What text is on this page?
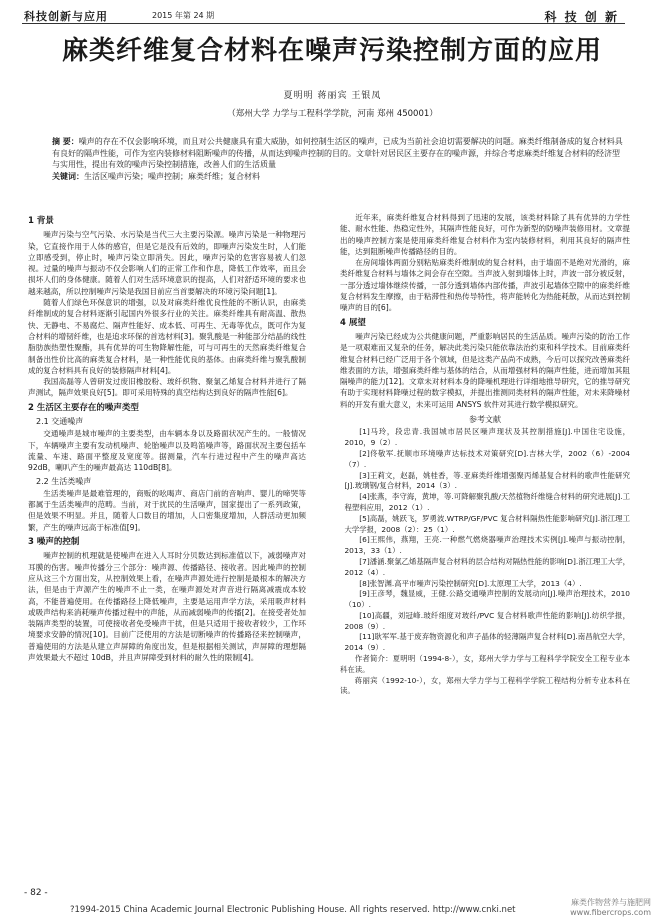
科技创新与应用	2015 年第 24 期	科 技 创 新
麻类纤维复合材料在噪声污染控制方面的应用
夏明明 蒋丽宾 王银凤
（郑州大学 力学与工程科学学院，河南 郑州 450001）
摘 要：噪声的存在不仅会影响环境，而且对公共健康具有重大威胁，如何控制生活区的噪声，已成为当前社会迫切需要解决的问题。麻类纤维制备成的复合材料具有良好的隔声性能，可作为室内装修材料阻断噪声的传播，从而达到噪声控制的目的。文章针对居民区主要存在的噪声源，并综合考虑麻类纤维复合材料的经济型与实用性，提出有效的噪声污染控制措施，改善人们的生活质量
关键词：生活区噪声污染；噪声控制；麻类纤维；复合材料
1 背景

噪声污染与空气污染、水污染是当代三大主要污染源。噪声污染是一种物理污染，它直接作用于人体的感官，但是它是没有后效的，即噪声污染发生时，人们能立即感受到，停止时，噪声污染立即消失。因此，噪声污染的危害容易被人们忽视。过量的噪声与振动不仅会影响人们的正常工作和作息，降低工作效率，而且会损坏人们的身体健康。随着人们对生活环境意识的提高，人们对舒适环境的要求也越来越高，所以控制噪声污染是我国目前应当首要解决的环境污染问题[1]。

随着人们绿色环保意识的增强，以及对麻类纤维优良性能的不断认识，由麻类纤维制成的复合材料逐渐引起国内外很多行业的关注。麻类纤维具有耐高温、散热快、无静电、不易腐烂、隔声性能好、成本低、可再生、无毒等优点，既可作为复合材料的增韧纤维，也是追求环保的首选材料[3]。聚乳酸是一种能部分结晶的线性脂肪族热塑性聚酯，具有优异的可生物降解性能，可与可再生的天然麻类纤维复合制备出性价比高的麻类复合材料，是一种性能优良的基体。由麻类纤维与聚乳酸制成的复合材料具有良好的装修隔声材料[4]。

我国高磊等人曾研发过废旧橡胶粉、玻纤织物、聚氯乙烯复合材料并进行了隔声测试，隔声效果良好[5]。即可采用特殊的真空结构达到良好的隔声性能[6]。

2 生活区主要存在的噪声类型
2.1 交通噪声

交通噪声是城市噪声的主要类型，由车辆本身以及路面状况产生的。一般情况下，车辆噪声主要有发动机噪声、轮胎噪声以及鸣笛噪声等，路面状况主要包括车流量、车速、路面平整度及宽度等。据测量，汽车行进过程中产生的噪声高达 92dB，喇叭产生的噪声最高达 110dB[8]。

2.2 生活类噪声

生活类噪声是最难管理的，商贩的吆喝声、商店门前的音响声、婴儿的啼哭等都属于生活类噪声的范畴。当前，对于扰民的生活噪声，国家提出了一系列政策，但是效果不明显。并且，随着人口数目的增加，人口密集度增加，人群活动更加频繁，产生的噪声远高于标准值[9]。

3 噪声的控制

噪声控制的机理就是使噪声在进入人耳时分贝数达到标准值以下，减弱噪声对耳膜的伤害。噪声传播分三个部分：噪声源、传播路径、接收者。因此噪声的控制应从这三个方面出发，从控制效果上看，在噪声声源处进行控制是最根本的解决方法，但是由于声源产生的噪声不止一类，在噪声源处对声音进行隔离减震成本较高，不能普遍使用。在传播路径上降低噪声，主要是运用声学方法，采用吸声材料或吸声结构来消耗噪声传播过程中的声能，从而减弱噪声的传播[2]。在接受者处加装隔声类型的装置，可使接收者免受噪声干扰，但是只适用于接收者较少，工作环境要求安静的情况[10]。目前广泛使用的方法是切断噪声的传播路径来控制噪声，普遍使用的方法是从建立声屏障的角度出发，但是根据相关测试，声屏障的理想隔声效果最大不超过 10dB，并且声屏障受到材料的耐久性的限制[4]。

近年来，麻类纤维复合材料得到了迅速的发展，该类材料除了具有优异的力学性能、耐水性能、热稳定性外，其隔声性能良好，可作为新型的防噪声装修用材。文章提出的噪声控制方案是使用麻类纤维复合材料作为室内装修材料，利用其良好的隔声性能，达到阻断噪声传播路径的目的。

在房间墙体两面分别粘贴麻类纤维制成的复合材料，由于墙面不是绝对光滑的，麻类纤维复合材料与墙体之间会存在空隙。当声波入射到墙体上时，声波一部分被反射，一部分透过墙体继续传播，一部分透到墙体内部传播，声波引起墙体空隙中的麻类纤维复合材料发生摩擦，由于粘滞性和热传导特性，将声能转化为热能耗散，从而达到控制噪声的目的[6]。

4 展望

噪声污染已经成为公共健康问题，严重影响居民的生活品质。噪声污染的防治工作是一项艰难而又复杂的任务，解决此类污染只能依靠法治约束和科学技术。目前麻类纤维复合材料已经广泛用于各个领域，但是这类产品尚不成熟，今后可以探究改善麻类纤维表面的方法，增强麻类纤维与基体的结合，从而增强材料的隔声性能，进而增加其阻隔噪声的能力[12]。文章未对材料本身的降噪机理进行详细地推导研究，它的推导研究有助于实现材料降噪过程的数字模拟，并提出推测同类材料的隔声性能，对未来降噪材料的开发有重大意义，未来可运用 ANSYS 软件对其进行数学模拟研究。

参考文献

[1]马玲，段忠青.我国城市居民区噪声现状及其控制措施[J].中国住宅设施，2010，9（2）.

[2]佟敬军.抚顺市环境噪声达标技术对策研究[D].吉林大学，2002（6）-2004（7）.

[3]王莉文，赵磊，姚桂香，等.亚麻类纤维增强聚丙烯基复合材料的歌声性能研究[J].玻璃钢/复合材料，2014（3）.

[4]张燕，李守海，黄坤，等.可降解聚乳酸/天然植物纤维缝合材料的研究进展[J].工程塑料应用，2012（1）.

[5]高磊，姚跃飞，罗勇波.WTRP/GF/PVC 复合材料隔热性能影响研究[J].浙江理工大学学报，2008（2）：25（1）.

[6]王熙伟，燕翔，王亮.一种燃气燃烧器噪声治理技术实例[J].噪声与振动控制，2013，33（1）.

[7]潘涵.聚氯乙烯基隔声复合材料的层合结构对隔热性能的影响[D].浙江理工大学，2012（4）.

[8]张智渊.高平市噪声污染控制研究[D].太原理工大学，2013（4）.

[9]王彦琴，魏显威，王健.公路交通噪声控制的发展动向[J].噪声治理技术，2010（10）.

[10]高疆，刘冠峰.玻纤细度对玻纤/PVC 复合材料歌声性能的影响[J].纺织学报，2008（9）.

[11]耿军军.基于废弃物资源化和声子晶体的轻薄隔声复合材料[D].南昌航空大学，2014（9）.

作者简介：夏明明（1994-8-），女，郑州大学力学与工程科学学院安全工程专业本科在读。

蒋丽宾（1992-10-），女，郑州大学力学与工程科学学院工程结构分析专业本科在读。

- 82 -
?1994-2015 China Academic Journal Electronic Publishing House. All rights reserved. http://www.cnki.net
麻类作物营养与施肥网
www.fibercrops.com
